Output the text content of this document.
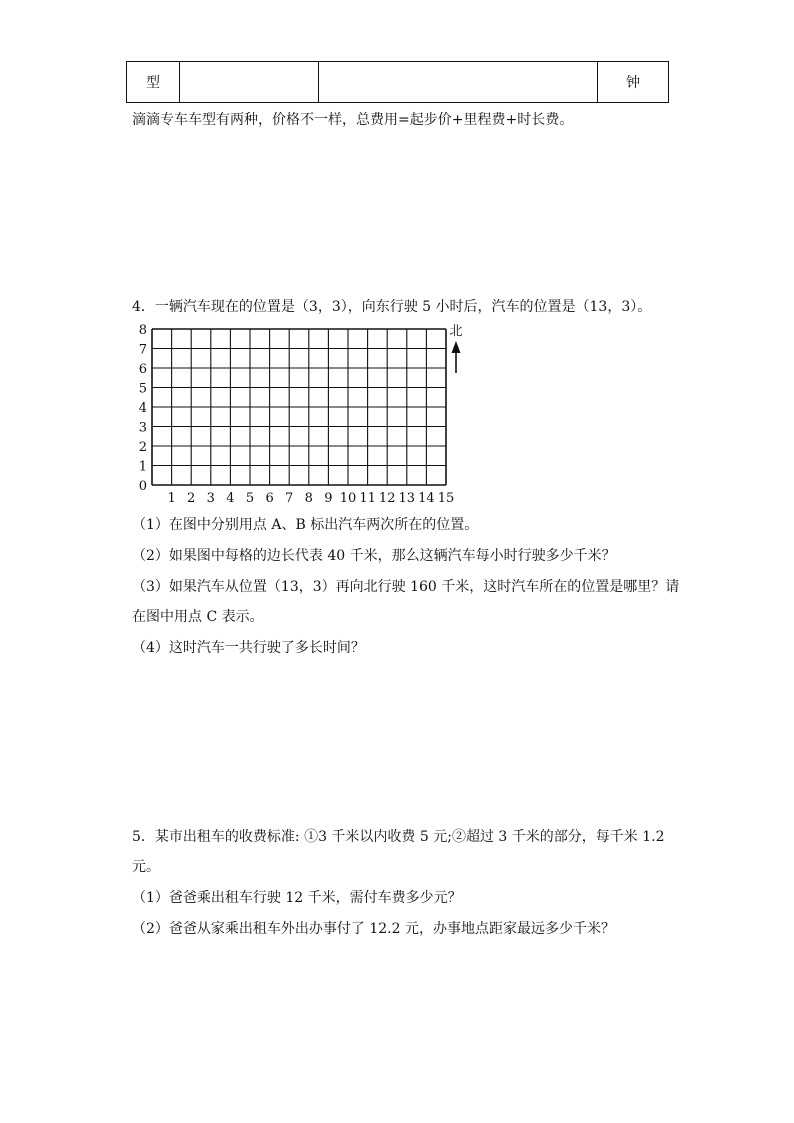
型			钟
滴滴专车车型有两种，价格不一样，总费用=起步价+里程费+时长费。
4．一辆汽车现在的位置是（3，3），向东行驶 5 小时后，汽车的位置是（13，3）。
1 2 3 4 5 6 7 8 9 10 11 12 13 14 15
0
1
2
3
4
5
6
7
8	北
（1）在图中分别用点 A、B 标出汽车两次所在的位置。
（2）如果图中每格的边长代表 40 千米，那么这辆汽车每小时行驶多少千米？
（3）如果汽车从位置（13，3）再向北行驶 160 千米，这时汽车所在的位置是哪里？请
在图中用点 C 表示。
（4）这时汽车一共行驶了多长时间？
5．某市出租车的收费标准: ①3 千米以内收费 5 元;②超过 3 千米的部分，每千米 1.2
元。
（1）爸爸乘出租车行驶 12 千米，需付车费多少元？
（2）爸爸从家乘出租车外出办事付了 12.2 元，办事地点距家最远多少千米？
